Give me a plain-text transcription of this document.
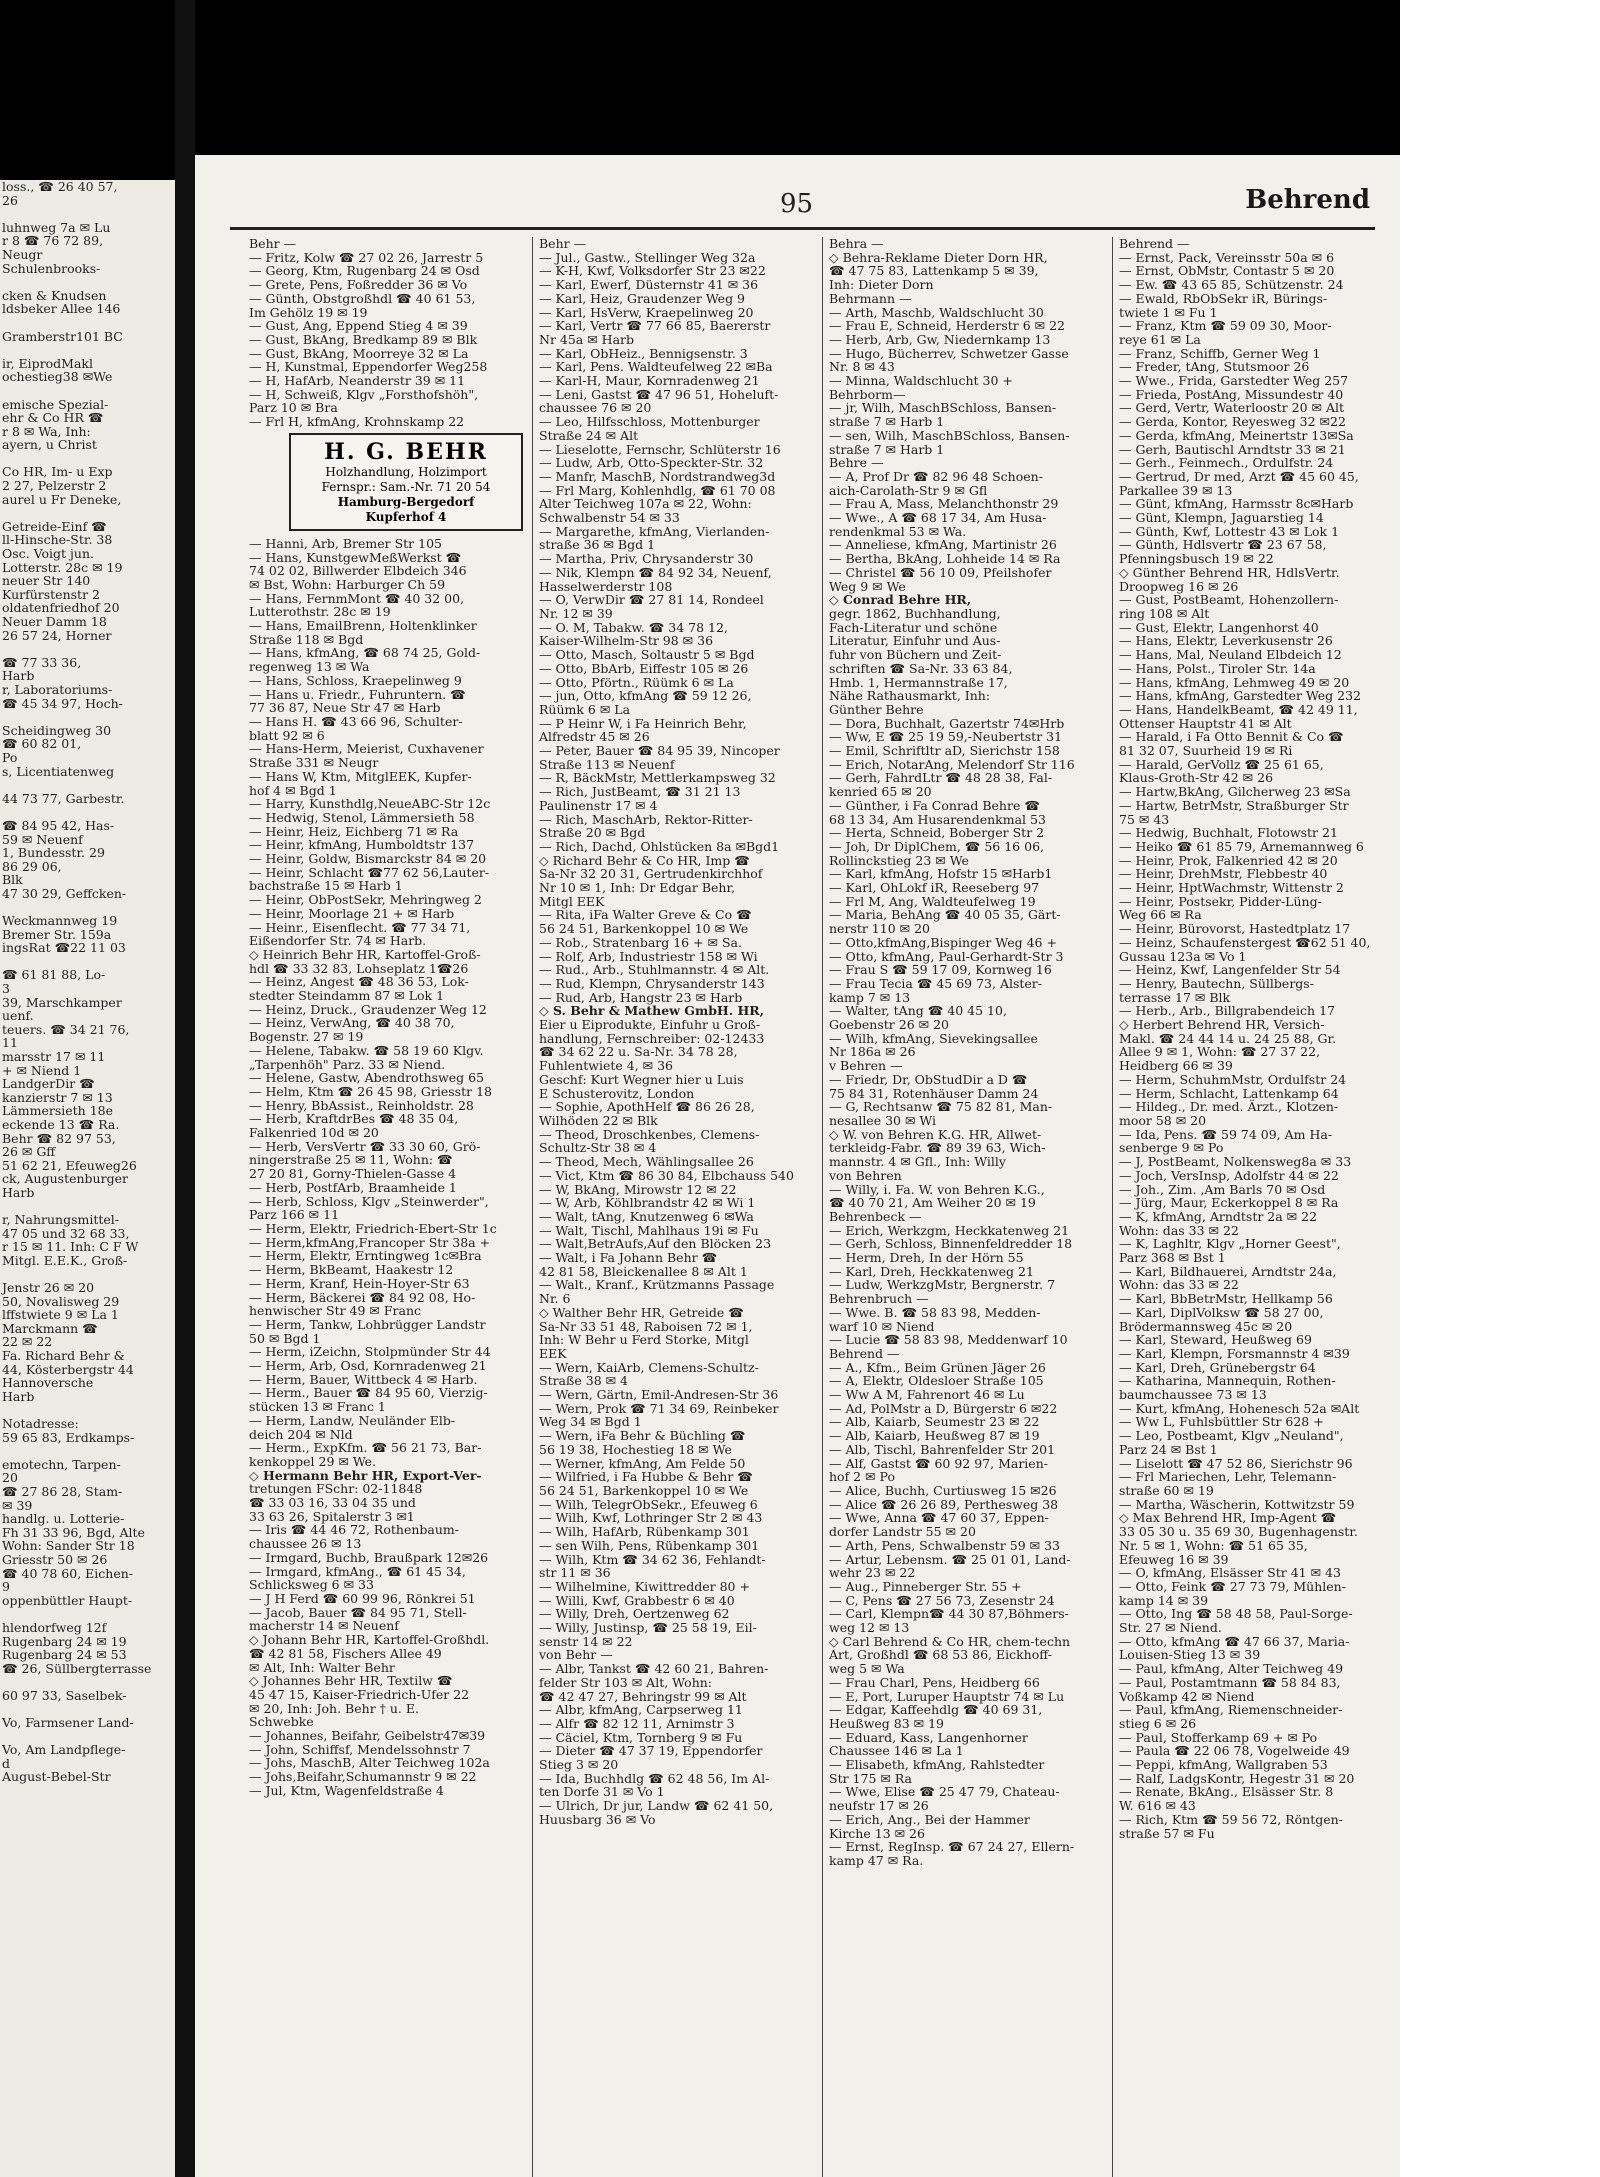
loss., ☎ 26 40 57,
26

luhnweg 7a ✉ Lu
r 8 ☎ 76 72 89,
Neugr
Schulenbrooks-

cken & Knudsen
ldsbeker Allee 146

Gramberstr101 BC

ir, EiprodMakl
ochestieg38 ✉We

emische Spezial-
ehr & Co HR ☎
r 8 ✉ Wa, Inh:
ayern, u Christ

Co HR, Im- u Exp
2 27, Pelzerstr 2
aurel u Fr Deneke,

Getreide-Einf ☎
ll-Hinsche-Str. 38
Osc. Voigt jun.
Lotterstr. 28c ✉ 19
neuer Str 140
Kurfürstenstr 2
oldatenfriedhof 20
Neuer Damm 18
26 57 24, Horner

☎ 77 33 36,
Harb
r, Laboratoriums-
☎ 45 34 97, Hoch-

Scheidingweg 30
☎ 60 82 01,
Po
s, Licentiatenweg

44 73 77, Garbestr.

☎ 84 95 42, Has-
59 ✉ Neuenf
1, Bundesstr. 29
86 29 06,
Blk
47 30 29, Geffcken-

Weckmannweg 19
Bremer Str. 159a
ingsRat ☎22 11 03

☎ 61 81 88, Lo-
3
39, Marschkamper
uenf.
teuers. ☎ 34 21 76,
11
marsstr 17 ✉ 11
+ ✉ Niend 1
LandgerDir ☎
kanzierstr 7 ✉ 13
Lämmersieth 18e
eckende 13 ☎ Ra.
Behr ☎ 82 97 53,
26 ✉ Gff
51 62 21, Efeuweg26
ck, Augustenburger
Harb

r, Nahrungsmittel-
47 05 und 32 68 33,
r 15 ✉ 11. Inh: C F W
Mitgl. E.E.K., Groß-

Jenstr 26 ✉ 20
50, Novalisweg 29
lffstwiete 9 ✉ La 1
Marckmann ☎
22 ✉ 22
Fa. Richard Behr &
44, Kösterbergstr 44
Hannoversche
Harb

Notadresse:
59 65 83, Erdkamps-

emotechn, Tarpen-
20
☎ 27 86 28, Stam-
✉ 39
handlg. u. Lotterie-
Fh 31 33 96, Bgd, Alte
Wohn: Sander Str 18
Griesstr 50 ✉ 26
☎ 40 78 60, Eichen-
9
oppenbüttler Haupt-

hlendorfweg 12f
Rugenbarg 24 ✉ 19
Rugenbarg 24 ✉ 53
☎ 26, Süllbergterrasse

60 97 33, Saselbek-

Vo, Farmsener Land-

Vo, Am Landpflege-
d
August-Bebel-Str
95	Behrend
Behr —
— Fritz, Kolw ☎ 27 02 26, Jarrestr 5
— Georg, Ktm, Rugenbarg 24 ✉ Osd
— Grete, Pens, Foßredder 36 ✉ Vo
— Günth, Obstgroßhdl ☎ 40 61 53,
Im Gehölz 19 ✉ 19
— Gust, Ang, Eppend Stieg 4 ✉ 39
— Gust, BkAng, Bredkamp 89 ✉ Blk
— Gust, BkAng, Moorreye 32 ✉ La
— H, Kunstmal, Eppendorfer Weg258
— H, HafArb, Neanderstr 39 ✉ 11
— H, Schweiß, Klgv „Forsthofshöh",
Parz 10 ✉ Bra
— Frl H, kfmAng, Krohnskamp 22
H. G. BEHR
Holzhandlung, Holzimport
Fernspr.: Sam.-Nr. 71 20 54
Hamburg-Bergedorf
Kupferhof 4
— Hanni, Arb, Bremer Str 105
— Hans, KunstgewMeßWerkst ☎
74 02 02, Billwerder Elbdeich 346
✉ Bst, Wohn: Harburger Ch 59
— Hans, FernmMont ☎ 40 32 00,
Lutterothstr. 28c ✉ 19
— Hans, EmailBrenn, Holtenklinker
Straße 118 ✉ Bgd
— Hans, kfmAng, ☎ 68 74 25, Gold-
regenweg 13 ✉ Wa
— Hans, Schloss, Kraepelinweg 9
— Hans u. Friedr., Fuhruntern. ☎
77 36 87, Neue Str 47 ✉ Harb
— Hans H. ☎ 43 66 96, Schulter-
blatt 92 ✉ 6
— Hans-Herm, Meierist, Cuxhavener
Straße 331 ✉ Neugr
— Hans W, Ktm, MitglEEK, Kupfer-
hof 4 ✉ Bgd 1
— Harry, Kunsthdlg,NeueABC-Str 12c
— Hedwig, Stenol, Lämmersieth 58
— Heinr, Heiz, Eichberg 71 ✉ Ra
— Heinr, kfmAng, Humboldtstr 137
— Heinr, Goldw, Bismarckstr 84 ✉ 20
— Heinr, Schlacht ☎77 62 56,Lauter-
bachstraße 15 ✉ Harb 1
— Heinr, ObPostSekr, Mehringweg 2
— Heinr, Moorlage 21 + ✉ Harb
— Heinr., Eisenflecht. ☎ 77 34 71,
Eißendorfer Str. 74 ✉ Harb.
◇ Heinrich Behr HR, Kartoffel-Groß-
hdl ☎ 33 32 83, Lohseplatz 1☎26
— Heinz, Angest ☎ 48 36 53, Lok-
stedter Steindamm 87 ✉ Lok 1
— Heinz, Druck., Graudenzer Weg 12
— Heinz, VerwAng, ☎ 40 38 70,
Bogenstr. 27 ✉ 19
— Helene, Tabakw. ☎ 58 19 60 Klgv.
„Tarpenhöh" Parz. 33 ✉ Niend.
— Helene, Gastw, Abendrothsweg 65
— Helm, Ktm ☎ 26 45 98, Griesstr 18
— Henry, BbAssist., Reinholdstr. 28
— Herb, KraftdrBes ☎ 48 35 04,
Falkenried 10d ✉ 20
— Herb, VersVertr ☎ 33 30 60, Grö-
ningerstraße 25 ✉ 11, Wohn: ☎
27 20 81, Gorny-Thielen-Gasse 4
— Herb, PostfArb, Braamheide 1
— Herb, Schloss, Klgv „Steinwerder",
Parz 166 ✉ 11
— Herm, Elektr, Friedrich-Ebert-Str 1c
— Herm,kfmAng,Francoper Str 38a +
— Herm, Elektr, Erntingweg 1c✉Bra
— Herm, BkBeamt, Haakestr 12
— Herm, Kranf, Hein-Hoyer-Str 63
— Herm, Bäckerei ☎ 84 92 08, Ho-
henwischer Str 49 ✉ Franc
— Herm, Tankw, Lohbrügger Landstr
50 ✉ Bgd 1
— Herm, iZeichn, Stolpmünder Str 44
— Herm, Arb, Osd, Kornradenweg 21
— Herm, Bauer, Wittbeck 4 ✉ Harb.
— Herm., Bauer ☎ 84 95 60, Vierzig-
stücken 13 ✉ Franc 1
— Herm, Landw, Neuländer Elb-
deich 204 ✉ Nld
— Herm., ExpKfm. ☎ 56 21 73, Bar-
kenkoppel 29 ✉ We.
◇ Hermann Behr HR, Export-Ver-
tretungen FSchr: 02-11848
☎ 33 03 16, 33 04 35 und
33 63 26, Spitalerstr 3 ✉1
— Iris ☎ 44 46 72, Rothenbaum-
chaussee 26 ✉ 13
— Irmgard, Buchb, Braußpark 12✉26
— Irmgard, kfmAng., ☎ 61 45 34,
Schlicksweg 6 ✉ 33
— J H Ferd ☎ 60 99 96, Rönkrei 51
— Jacob, Bauer ☎ 84 95 71, Stell-
macherstr 14 ✉ Neuenf
◇ Johann Behr HR, Kartoffel-Großhdl.
☎ 42 81 58, Fischers Allee 49
✉ Alt, Inh: Walter Behr
◇ Johannes Behr HR, Textilw ☎
45 47 15, Kaiser-Friedrich-Ufer 22
✉ 20, Inh: Joh. Behr † u. E.
Schwebke
— Johannes, Beifahr, Geibelstr47✉39
— John, Schiffsf, Mendelssohnstr 7
— Johs, MaschB, Alter Teichweg 102a
— Johs,Beifahr,Schumannstr 9 ✉ 22
— Jul, Ktm, Wagenfeldstraße 4
Behr —
— Jul., Gastw., Stellinger Weg 32a
— K-H, Kwf, Volksdorfer Str 23 ✉22
— Karl, Ewerf, Düsternstr 41 ✉ 36
— Karl, Heiz, Graudenzer Weg 9
— Karl, HsVerw, Kraepelinweg 20
— Karl, Vertr ☎ 77 66 85, Baererstr
Nr 45a ✉ Harb
— Karl, ObHeiz., Bennigsenstr. 3
— Karl, Pens. Waldteufelweg 22 ✉Ba
— Karl-H, Maur, Kornradenweg 21
— Leni, Gastst ☎ 47 96 51, Hoheluft-
chaussee 76 ✉ 20
— Leo, Hilfsschloss, Mottenburger
Straße 24 ✉ Alt
— Lieselotte, Fernschr, Schlüterstr 16
— Ludw, Arb, Otto-Speckter-Str. 32
— Manfr, MaschB, Nordstrandweg3d
— Frl Marg, Kohlenhdlg, ☎ 61 70 08
Alter Teichweg 107a ✉ 22, Wohn:
Schwalbenstr 54 ✉ 33
— Margarethe, kfmAng, Vierlanden-
straße 36 ✉ Bgd 1
— Martha, Priv, Chrysanderstr 30
— Nik, Klempn ☎ 84 92 34, Neuenf,
Hasselwerderstr 108
— O, VerwDir ☎ 27 81 14, Rondeel
Nr. 12 ✉ 39
— O. M, Tabakw. ☎ 34 78 12,
Kaiser-Wilhelm-Str 98 ✉ 36
— Otto, Masch, Soltaustr 5 ✉ Bgd
— Otto, BbArb, Eiffestr 105 ✉ 26
— Otto, Pförtn., Rüümk 6 ✉ La
— jun, Otto, kfmAng ☎ 59 12 26,
Rüümk 6 ✉ La
— P Heinr W, i Fa Heinrich Behr,
Alfredstr 45 ✉ 26
— Peter, Bauer ☎ 84 95 39, Nincoper
Straße 113 ✉ Neuenf
— R, BäckMstr, Mettlerkampsweg 32
— Rich, JustBeamt, ☎ 31 21 13
Paulinenstr 17 ✉ 4
— Rich, MaschArb, Rektor-Ritter-
Straße 20 ✉ Bgd
— Rich, Dachd, Ohlstücken 8a ✉Bgd1
◇ Richard Behr & Co HR, Imp ☎
Sa-Nr 32 20 31, Gertrudenkirchhof
Nr 10 ✉ 1, Inh: Dr Edgar Behr,
Mitgl EEK
— Rita, iFa Walter Greve & Co ☎
56 24 51, Barkenkoppel 10 ✉ We
— Rob., Stratenbarg 16 + ✉ Sa.
— Rolf, Arb, Industriestr 158 ✉ Wi
— Rud., Arb., Stuhlmannstr. 4 ✉ Alt.
— Rud, Klempn, Chrysanderstr 143
— Rud, Arb, Hangstr 23 ✉ Harb
◇ S. Behr & Mathew GmbH. HR,
Eier u Eiprodukte, Einfuhr u Groß-
handlung, Fernschreiber: 02-12433
☎ 34 62 22 u. Sa-Nr. 34 78 28,
Fuhlentwiete 4, ✉ 36
Geschf: Kurt Wegner hier u Luis
E Schusterovitz, London
— Sophie, ApothHelf ☎ 86 26 28,
Wilhöden 22 ✉ Blk
— Theod, Droschkenbes, Clemens-
Schultz-Str 38 ✉ 4
— Theod, Mech, Wählingsallee 26
— Vict, Ktm ☎ 86 30 84, Elbchauss 540
— W, BkAng, Mirowstr 12 ✉ 22
— W, Arb, Köhlbrandstr 42 ✉ Wi 1
— Walt, tAng, Knutzenweg 6 ✉Wa
— Walt, Tischl, Mahlhaus 19i ✉ Fu
— Walt,BetrAufs,Auf den Blöcken 23
— Walt, i Fa Johann Behr ☎
42 81 58, Bleickenallee 8 ✉ Alt 1
— Walt., Kranf., Krützmanns Passage
Nr. 6
◇ Walther Behr HR, Getreide ☎
Sa-Nr 33 51 48, Raboisen 72 ✉ 1,
Inh: W Behr u Ferd Storke, Mitgl
EEK
— Wern, KaiArb, Clemens-Schultz-
Straße 38 ✉ 4
— Wern, Gärtn, Emil-Andresen-Str 36
— Wern, Prok ☎ 71 34 69, Reinbeker
Weg 34 ✉ Bgd 1
— Wern, iFa Behr & Büchling ☎
56 19 38, Hochestieg 18 ✉ We
— Werner, kfmAng, Am Felde 50
— Wilfried, i Fa Hubbe & Behr ☎
56 24 51, Barkenkoppel 10 ✉ We
— Wilh, TelegrObSekr., Efeuweg 6
— Wilh, Kwf, Lothringer Str 2 ✉ 43
— Wilh, HafArb, Rübenkamp 301
— sen Wilh, Pens, Rübenkamp 301
— Wilh, Ktm ☎ 34 62 36, Fehlandt-
str 11 ✉ 36
— Wilhelmine, Kiwittredder 80 +
— Willi, Kwf, Grabbestr 6 ✉ 40
— Willy, Dreh, Oertzenweg 62
— Willy, Justinsp, ☎ 25 58 19, Eil-
senstr 14 ✉ 22
von Behr —
— Albr, Tankst ☎ 42 60 21, Bahren-
felder Str 103 ✉ Alt, Wohn:
☎ 42 47 27, Behringstr 99 ✉ Alt
— Albr, kfmAng, Carpserweg 11
— Alfr ☎ 82 12 11, Arnimstr 3
— Cäciel, Ktm, Tornberg 9 ✉ Fu
— Dieter ☎ 47 37 19, Eppendorfer
Stieg 3 ✉ 20
— Ida, Buchhdlg ☎ 62 48 56, Im Al-
ten Dorfe 31 ✉ Vo 1
— Ulrich, Dr jur, Landw ☎ 62 41 50,
Huusbarg 36 ✉ Vo
Behra —
◇ Behra-Reklame Dieter Dorn HR,
☎ 47 75 83, Lattenkamp 5 ✉ 39,
Inh: Dieter Dorn
Behrmann —
— Arth, Maschb, Waldschlucht 30
— Frau E, Schneid, Herderstr 6 ✉ 22
— Herb, Arb, Gw, Niedernkamp 13
— Hugo, Bücherrev, Schwetzer Gasse
Nr. 8 ✉ 43
— Minna, Waldschlucht 30 +
Behrborm—
— jr, Wilh, MaschBSchloss, Bansen-
straße 7 ✉ Harb 1
— sen, Wilh, MaschBSchloss, Bansen-
straße 7 ✉ Harb 1
Behre —
— A, Prof Dr ☎ 82 96 48 Schoen-
aich-Carolath-Str 9 ✉ Gfl
— Frau A, Mass, Melanchthonstr 29
— Wwe., A ☎ 68 17 34, Am Husa-
rendenkmal 53 ✉ Wa.
— Anneliese, kfmAng, Martinistr 26
— Bertha, BkAng, Lohheide 14 ✉ Ra
— Christel ☎ 56 10 09, Pfeilshofer
Weg 9 ✉ We
◇ Conrad Behre HR,
gegr. 1862, Buchhandlung,
Fach-Literatur und schöne
Literatur, Einfuhr und Aus-
fuhr von Büchern und Zeit-
schriften ☎ Sa-Nr. 33 63 84,
Hmb. 1, Hermannstraße 17,
Nähe Rathausmarkt, Inh:
Günther Behre
— Dora, Buchhalt, Gazertstr 74✉Hrb
— Ww, E ☎ 25 19 59,-Neubertstr 31
— Emil, Schriftltr aD, Sierichstr 158
— Erich, NotarAng, Melendorf Str 116
— Gerh, FahrdLtr ☎ 48 28 38, Fal-
kenried 65 ✉ 20
— Günther, i Fa Conrad Behre ☎
68 13 34, Am Husarendenkmal 53
— Herta, Schneid, Boberger Str 2
— Joh, Dr DiplChem, ☎ 56 16 06,
Rollinckstieg 23 ✉ We
— Karl, kfmAng, Hofstr 15 ✉Harb1
— Karl, OhLokf iR, Reeseberg 97
— Frl M, Ang, Waldteufelweg 19
— Maria, BehAng ☎ 40 05 35, Gärt-
nerstr 110 ✉ 20
— Otto,kfmAng,Bispinger Weg 46 +
— Otto, kfmAng, Paul-Gerhardt-Str 3
— Frau S ☎ 59 17 09, Kornweg 16
— Frau Tecia ☎ 45 69 73, Alster-
kamp 7 ✉ 13
— Walter, tAng ☎ 40 45 10,
Goebenstr 26 ✉ 20
— Wilh, kfmAng, Sievekingsallee
Nr 186a ✉ 26
v Behren —
— Friedr, Dr, ObStudDir a D ☎
75 84 31, Rotenhäuser Damm 24
— G, Rechtsanw ☎ 75 82 81, Man-
nesallee 30 ✉ Wi
◇ W. von Behren K.G. HR, Allwet-
terkleidg-Fabr. ☎ 89 39 63, Wich-
mannstr. 4 ✉ Gfl., Inh: Willy
von Behren
— Willy, i. Fa. W. von Behren K.G.,
☎ 40 70 21, Am Weiher 20 ✉ 19
Behrenbeck —
— Erich, Werkzgm, Heckkatenweg 21
— Gerh, Schloss, Binnenfeldredder 18
— Herm, Dreh, In der Hörn 55
— Karl, Dreh, Heckkatenweg 21
— Ludw, WerkzgMstr, Bergnerstr. 7
Behrenbruch —
— Wwe. B. ☎ 58 83 98, Medden-
warf 10 ✉ Niend
— Lucie ☎ 58 83 98, Meddenwarf 10
Behrend —
— A., Kfm., Beim Grünen Jäger 26
— A, Elektr, Oldesloer Straße 105
— Ww A M, Fahrenort 46 ✉ Lu
— Ad, PolMstr a D, Bürgerstr 6 ✉22
— Alb, Kaiarb, Seumestr 23 ✉ 22
— Alb, Kaiarb, Heußweg 87 ✉ 19
— Alb, Tischl, Bahrenfelder Str 201
— Alf, Gastst ☎ 60 92 97, Marien-
hof 2 ✉ Po
— Alice, Buchh, Curtiusweg 15 ✉26
— Alice ☎ 26 26 89, Perthesweg 38
— Wwe, Anna ☎ 47 60 37, Eppen-
dorfer Landstr 55 ✉ 20
— Arth, Pens, Schwalbenstr 59 ✉ 33
— Artur, Lebensm. ☎ 25 01 01, Land-
wehr 23 ✉ 22
— Aug., Pinneberger Str. 55 +
— C, Pens ☎ 27 56 73, Zesenstr 24
— Carl, Klempn☎ 44 30 87,Böhmers-
weg 12 ✉ 13
◇ Carl Behrend & Co HR, chem-techn
Art, Großhdl ☎ 68 53 86, Eickhoff-
weg 5 ✉ Wa
— Frau Charl, Pens, Heidberg 66
— E, Port, Luruper Hauptstr 74 ✉ Lu
— Edgar, Kaffeehdlg ☎ 40 69 31,
Heußweg 83 ✉ 19
— Eduard, Kass, Langenhorner
Chaussee 146 ✉ La 1
— Elisabeth, kfmAng, Rahlstedter
Str 175 ✉ Ra
— Wwe, Elise ☎ 25 47 79, Chateau-
neufstr 17 ✉ 26
— Erich, Ang., Bei der Hammer
Kirche 13 ✉ 26
— Ernst, RegInsp. ☎ 67 24 27, Ellern-
kamp 47 ✉ Ra.
Behrend —
— Ernst, Pack, Vereinsstr 50a ✉ 6
— Ernst, ObMstr, Contastr 5 ✉ 20
— Ew. ☎ 43 65 85, Schützenstr. 24
— Ewald, RbObSekr iR, Bürings-
twiete 1 ✉ Fu 1
— Franz, Ktm ☎ 59 09 30, Moor-
reye 61 ✉ La
— Franz, Schiffb, Gerner Weg 1
— Freder, tAng, Stutsmoor 26
— Wwe., Frida, Garstedter Weg 257
— Frieda, PostAng, Missundestr 40
— Gerd, Vertr, Waterloostr 20 ✉ Alt
— Gerda, Kontor, Reyesweg 32 ✉22
— Gerda, kfmAng, Meinertstr 13✉Sa
— Gerh, Bautischl Arndtstr 33 ✉ 21
— Gerh., Feinmech., Ordulfstr. 24
— Gertrud, Dr med, Arzt ☎ 45 60 45,
Parkallee 39 ✉ 13
— Günt, kfmAng, Harmsstr 8c✉Harb
— Günt, Klempn, Jaguarstieg 14
— Günth, Kwf, Lottestr 43 ✉ Lok 1
— Günth, Hdlsvertr ☎ 23 67 58,
Pfenningsbusch 19 ✉ 22
◇ Günther Behrend HR, HdlsVertr.
Droopweg 16 ✉ 26
— Gust, PostBeamt, Hohenzollern-
ring 108 ✉ Alt
— Gust, Elektr, Langenhorst 40
— Hans, Elektr, Leverkusenstr 26
— Hans, Mal, Neuland Elbdeich 12
— Hans, Polst., Tiroler Str. 14a
— Hans, kfmAng, Lehmweg 49 ✉ 20
— Hans, kfmAng, Garstedter Weg 232
— Hans, HandelkBeamt, ☎ 42 49 11,
Ottenser Hauptstr 41 ✉ Alt
— Harald, i Fa Otto Bennit & Co ☎
81 32 07, Suurheid 19 ✉ Ri
— Harald, GerVollz ☎ 25 61 65,
Klaus-Groth-Str 42 ✉ 26
— Hartw,BkAng, Gilcherweg 23 ✉Sa
— Hartw, BetrMstr, Straßburger Str
75 ✉ 43
— Hedwig, Buchhalt, Flotowstr 21
— Heiko ☎ 61 85 79, Arnemannweg 6
— Heinr, Prok, Falkenried 42 ✉ 20
— Heinr, DrehMstr, Flebbestr 40
— Heinr, HptWachmstr, Wittenstr 2
— Heinr, Postsekr, Pidder-Lüng-
Weg 66 ✉ Ra
— Heinr, Bürovorst, Hastedtplatz 17
— Heinz, Schaufenstergest ☎62 51 40,
Gussau 123a ✉ Vo 1
— Heinz, Kwf, Langenfelder Str 54
— Henry, Bautechn, Süllbergs-
terrasse 17 ✉ Blk
— Herb., Arb., Billgrabendeich 17
◇ Herbert Behrend HR, Versich-
Makl. ☎ 24 44 14 u. 24 25 88, Gr.
Allee 9 ✉ 1, Wohn: ☎ 27 37 22,
Heidberg 66 ✉ 39
— Herm, SchuhmMstr, Ordulfstr 24
— Herm, Schlacht, Lattenkamp 64
— Hildeg., Dr. med. Ärzt., Klotzen-
moor 58 ✉ 20
— Ida, Pens. ☎ 59 74 09, Am Ha-
senberge 9 ✉ Po
— J, PostBeamt, Nolkensweg8a ✉ 33
— Joch, VersInsp, Adolfstr 44 ✉ 22
— Joh., Zim. ,Am Barls 70 ✉ Osd
— Jürg, Maur, Eckerkoppel 8 ✉ Ra
— K, kfmAng, Arndtstr 2a ✉ 22
Wohn: das 33 ✉ 22
— K, Laghltr, Klgv „Horner Geest",
Parz 368 ✉ Bst 1
— Karl, Bildhauerei, Arndtstr 24a,
Wohn: das 33 ✉ 22
— Karl, BbBetrMstr, Hellkamp 56
— Karl, DiplVolksw ☎ 58 27 00,
Brödermannsweg 45c ✉ 20
— Karl, Steward, Heußweg 69
— Karl, Klempn, Forsmannstr 4 ✉39
— Karl, Dreh, Grünebergstr 64
— Katharina, Mannequin, Rothen-
baumchaussee 73 ✉ 13
— Kurt, kfmAng, Hohenesch 52a ✉Alt
— Ww L, Fuhlsbüttler Str 628 +
— Leo, Postbeamt, Klgv „Neuland",
Parz 24 ✉ Bst 1
— Liselott ☎ 47 52 86, Sierichstr 96
— Frl Mariechen, Lehr, Telemann-
straße 60 ✉ 19
— Martha, Wäscherin, Kottwitzstr 59
◇ Max Behrend HR, Imp-Agent ☎
33 05 30 u. 35 69 30, Bugenhagenstr.
Nr. 5 ✉ 1, Wohn: ☎ 51 65 35,
Efeuweg 16 ✉ 39
— O, kfmAng, Elsässer Str 41 ✉ 43
— Otto, Feink ☎ 27 73 79, Mühlen-
kamp 14 ✉ 39
— Otto, Ing ☎ 58 48 58, Paul-Sorge-
Str. 27 ✉ Niend.
— Otto, kfmAng ☎ 47 66 37, Maria-
Louisen-Stieg 13 ✉ 39
— Paul, kfmAng, Alter Teichweg 49
— Paul, Postamtmann ☎ 58 84 83,
Voßkamp 42 ✉ Niend
— Paul, kfmAng, Riemenschneider-
stieg 6 ✉ 26
— Paul, Stofferkamp 69 + ✉ Po
— Paula ☎ 22 06 78, Vogelweide 49
— Peppi, kfmAng, Wallgraben 53
— Ralf, LadgsKontr, Hegestr 31 ✉ 20
— Renate, BkAng., Elsässer Str. 8
W. 616 ✉ 43
— Rich, Ktm ☎ 59 56 72, Röntgen-
straße 57 ✉ Fu
